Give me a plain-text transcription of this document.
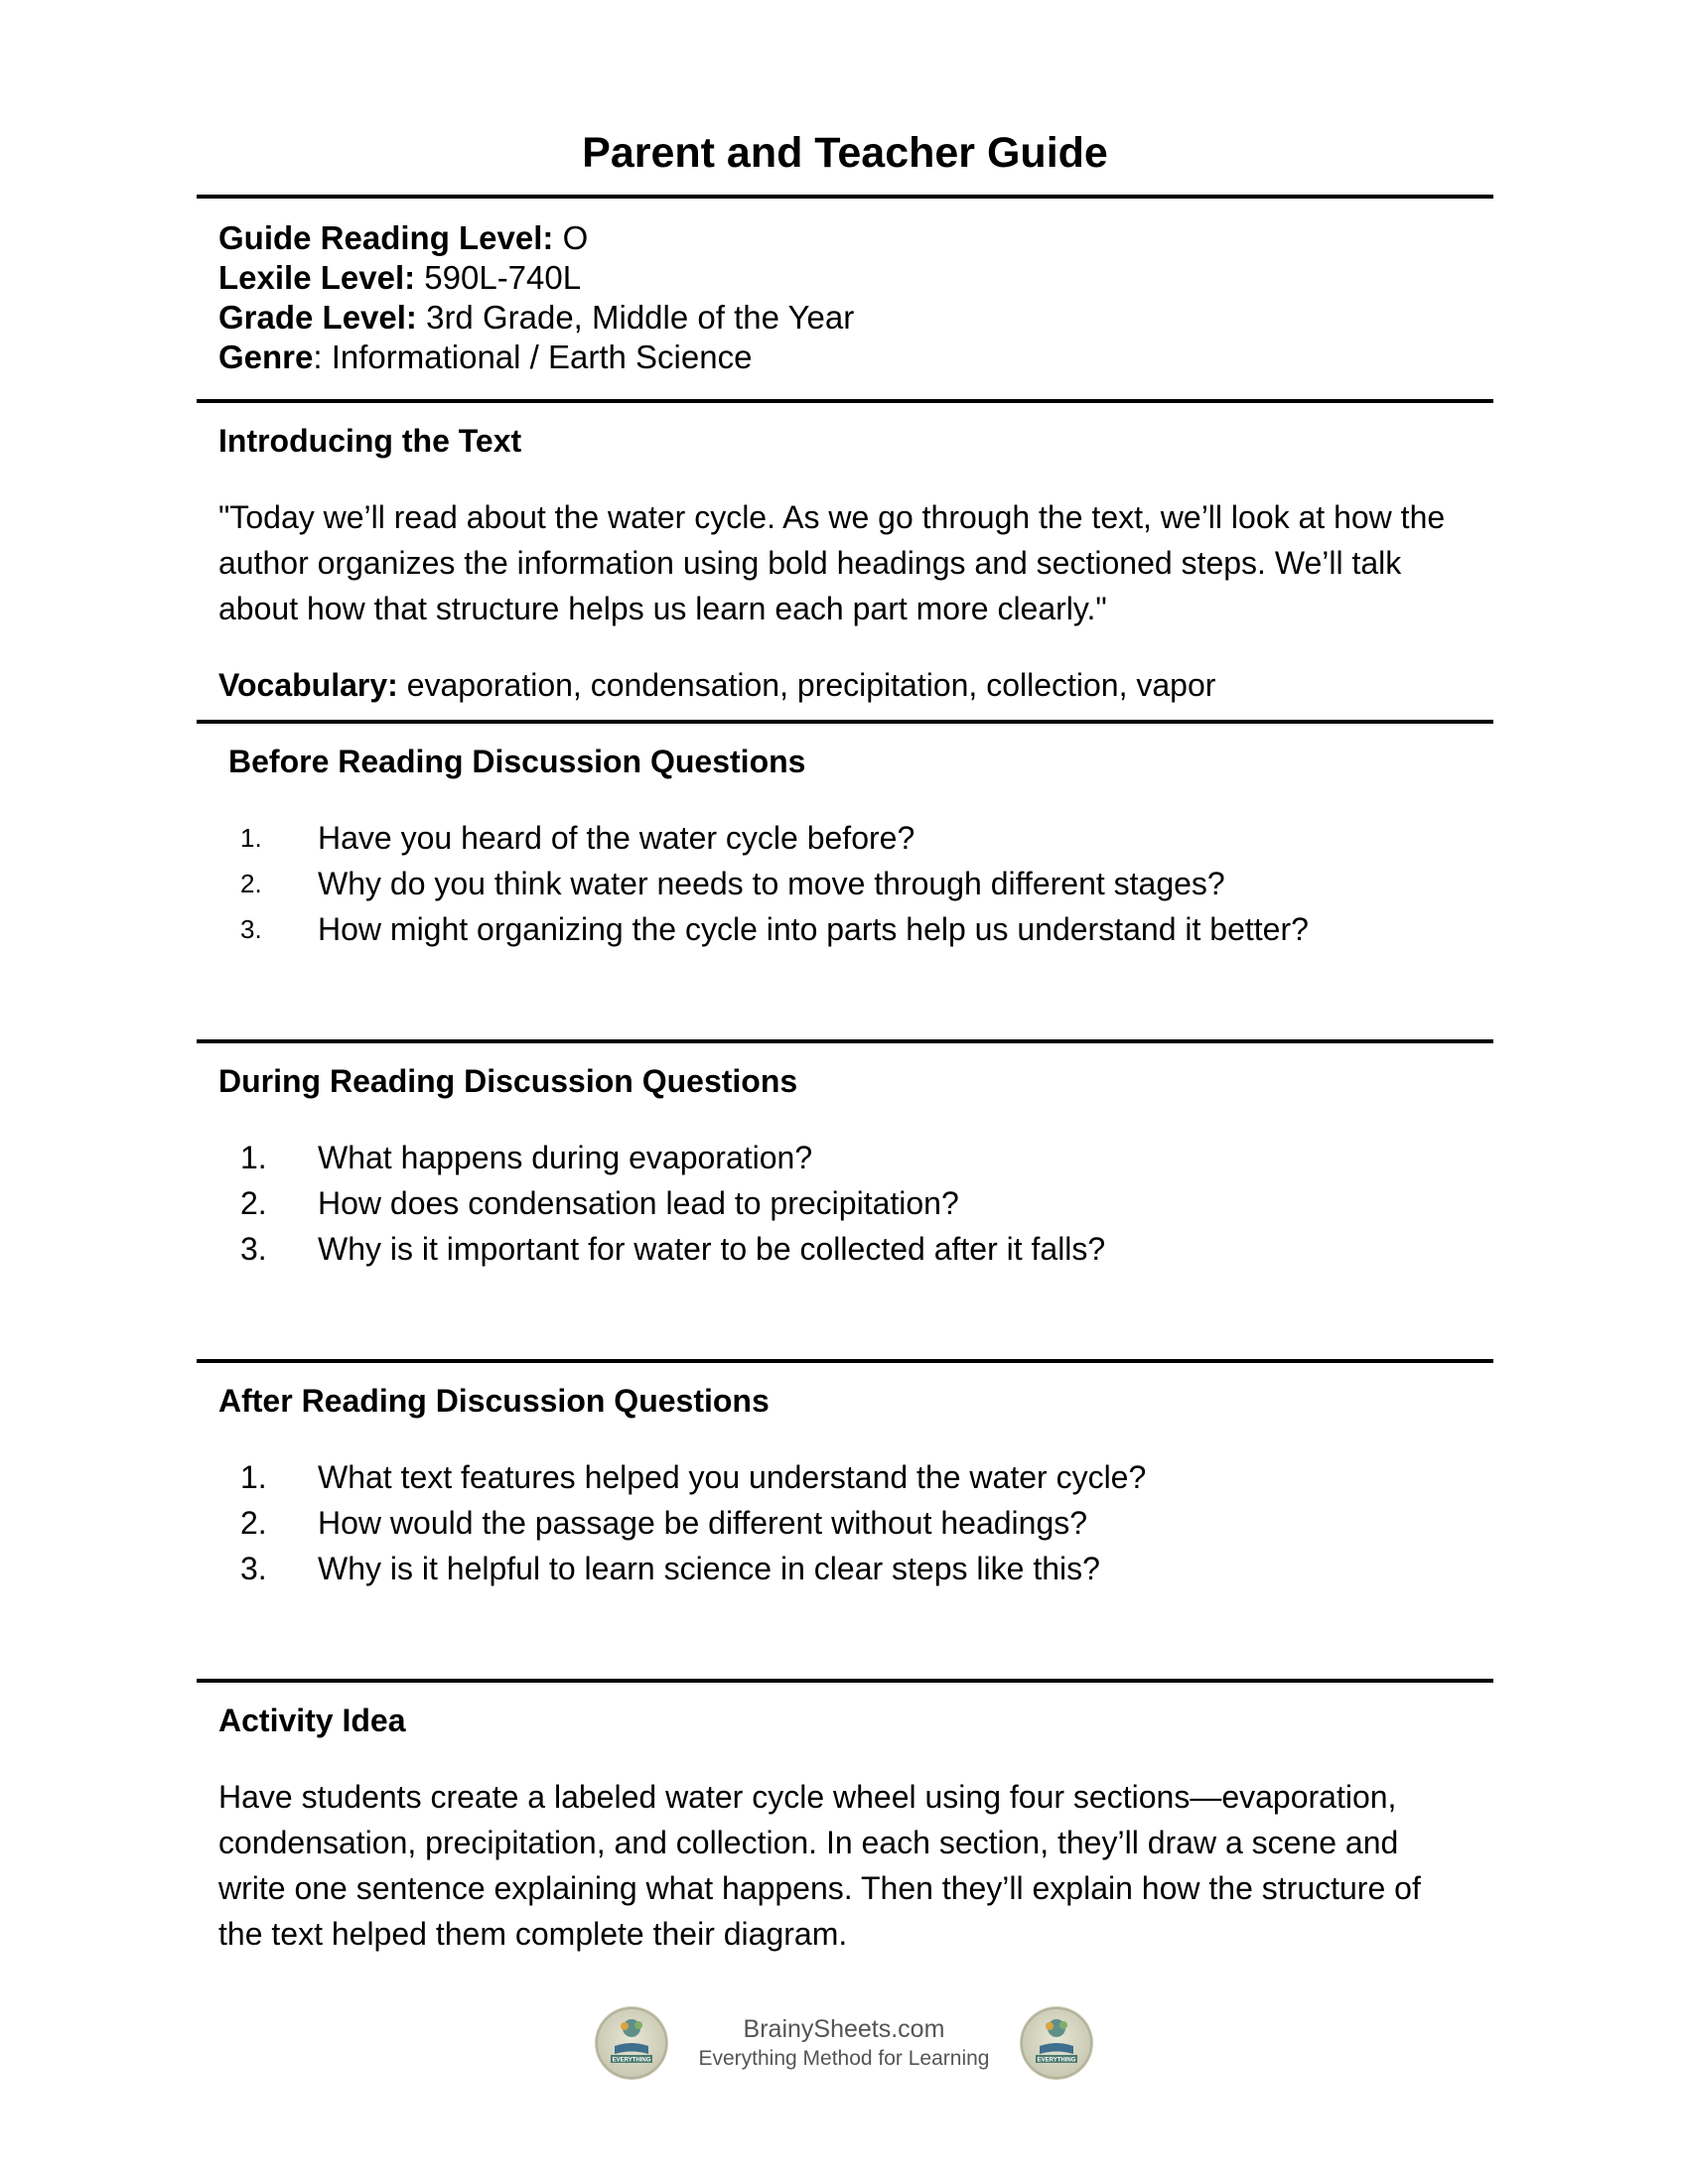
Parent and Teacher Guide
Guide Reading Level: O
Lexile Level: 590L-740L
Grade Level: 3rd Grade, Middle of the Year
Genre: Informational / Earth Science
Introducing the Text

"Today we’ll read about the water cycle. As we go through the text, we’ll look at how the author organizes the information using bold headings and sectioned steps. We’ll talk about how that structure helps us learn each part more clearly."

Vocabulary: evaporation, condensation, precipitation, collection, vapor

Before Reading Discussion Questions
1.	Have you heard of the water cycle before?
2.	Why do you think water needs to move through different stages?
3.	How might organizing the cycle into parts help us understand it better?
During Reading Discussion Questions
1.	What happens during evaporation?
2.	How does condensation lead to precipitation?
3.	Why is it important for water to be collected after it falls?
After Reading Discussion Questions
1.	What text features helped you understand the water cycle?
2.	How would the passage be different without headings?
3.	Why is it helpful to learn science in clear steps like this?
Activity Idea

Have students create a labeled water cycle wheel using four sections—evaporation, condensation, precipitation, and collection. In each section, they’ll draw a scene and write one sentence explaining what happens. Then they’ll explain how the structure of the text helped them complete their diagram.

EVERYTHING
BrainySheets.com
Everything Method for Learning	EVERYTHING
